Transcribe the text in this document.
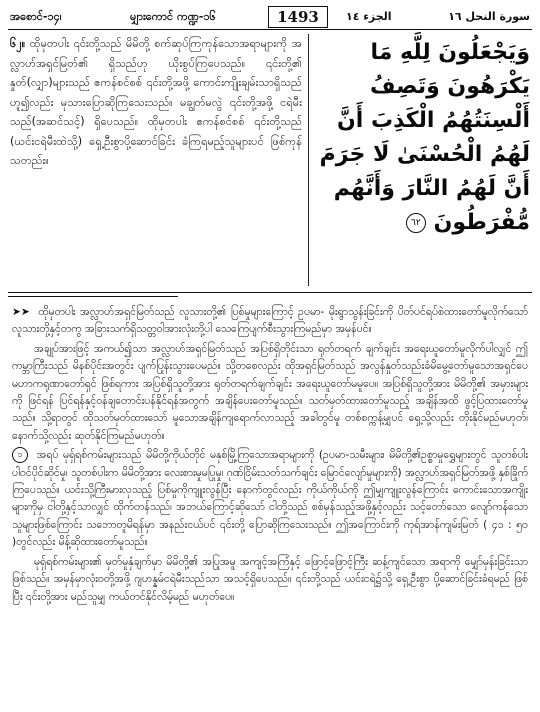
အစောင်-၁၄၊	မျှားကောင် ကဏ္ဍ-၁၆	1493	الجزء ١٤	سورة النحل ١٦

၆၂။ ထိုမှတပါး ၎င်းတို့သည် မိမိတို့ စက်ဆုပ်ကြကုန်သောအရာများကို အလ္လာဟ်အရှင်မြတ်၏ ရှိသည်ဟု ယိုးစွပ်ကြပေသည်။ ၎င်းတို့၏ နှုတ်(လျှာ)များသည် ဧကန်စင်စစ် ၎င်းတို့အဖို့ ကောင်းကျိုးချမ်းသာရှိသည်ဟူ၍လည်း မုသားပြောဆိုကြသေးသည်။ မချွတ်မလွဲ ၎င်းတို့အဖို့ ငရဲမီးသည်(အဆင်သင့်) ရှိပေသည်။ ထိုမှတပါး ဧကန်စင်စစ် ၎င်းတို့သည် (ယင်းငရဲမီးထဲသို့) ရှေ့ဦးစွာပို့ဆောင်ခြင်း ခံကြရမည့်သူများပင် ဖြစ်ကုန်သတည်း။

وَيَجْعَلُونَ لِلَّهِ مَا يَكْرَهُونَ وَتَصِفُ أَلْسِنَتُهُمُ الْكَذِبَ أَنَّ لَهُمُ الْحُسْنَىٰ لَا جَرَمَ أَنَّ لَهُمُ النَّارَ وَأَنَّهُم مُّفْرَطُونَ ٦٢

➤➤ ထိုမှတပါး အလ္လာဟ်အရှင်မြတ်သည် လူသားတို့၏ ပြစ်မှုများကြောင့် ဥပမာ- မိုးရွာသွန်းခြင်းကို ပိတ်ပင်ရပ်စဲထားတော်မူလိုက်သော် လူသားတို့နှင့်တကွ အခြားသက်ရှိသတ္တဝါအားလုံးတို့ပါ သေကြေပျက်စီးသွားကြမည်မှာ အမှန်ပင်။

အချုပ်အားဖြင့် အကယ်၍သာ အလ္လာဟ်အရှင်မြတ်သည် အပြစ်ရှိတိုင်းသာ ရုတ်တရက် ချက်ချင်း အရေးယူတော်မူလိုက်ပါလျှင် ဤကမ္ဘာကြီးသည် မိနစ်ပိုင်းအတွင်း ပျက်ပြုန်းသွားပေမည်။ သို့တစေလည်း ထိုအရှင်မြတ်သည် အလွန်နှုတ်သည်းခံမိမွေ့တော်မူသောအရှင်ပေ မဟာကရုဏာတော်ရှင် ဖြစ်ရကား အပြစ်ရှိသူတို့အား ရုတ်တရက်ချက်ချင်း အရေးယူတော်မမူပေ။ အပြစ်ရှိသူတို့အား မိမိတို့၏ အမှားများကို ဖြင်ရန် ပြင်ရန်နှင့်ဝန်ချတောင်းပန်နိုင်ရန်အတွက် အချိန်ပေးတော်မူသည်။ သတ်မှတ်ထားတော်မူသည့် အချိန်အထိ ဖွင့်ပြထားတော်မူသည်။ သို့ရာတွင် ထိုသတ်မှတ်ထားသော် မူသောအချိန်ကျရောက်လာသည့် အခါတွင်မူ တစ်စက္ကန့်မျှပင် ရှေ့သို့လည်း တိုးနိုင်မည်မဟုတ်၊ နောက်သို့လည်း ဆုတ်နိုင်ကြမည်မဟုတ်။

၁ အရပ် မုရှ်ရစ်ကမ်းများသည် မိမိတို့ကိုယ်တိုင် မနှစ်မြို့ကြသောအရာများကို (ဥပမာ-သမီးများ၊ မိမိတို့၏ဥစ္စာမှုရွှေများတွင် သူတစ်ပါးပါဝင်ပိုင်ဆိုင်မှု၊ သူတစ်ပါးက မိမိတို့အား လေးစားမှုမပြုမှု၊ ဂုဏ်ငြိမ်းသတ်သက်ချင်း မြောင်လျော်မှုများကို) အလ္လာဟ်အရှင်မြတ်အဖို့ နှစ်ခြိုက်ကြပေသည်။ ယင်းသို့ကြီးမားလှသည့် ပြစ်မှုကိုကျူးလွန်ပြီး နောက်တွင်လည်း ကိုယ်ကိုယ်ကို ဤမျှကျူးလွန်ကြောင်း ကောင်းသောအကျိုးများကိုမှ ငါတို့နှင့်သာလျှင် ထိုက်တန်သည်၊ အဘယ်ကြောင့်ဆိုသော် ငါတို့သည် စစ်မှန်သည့်အဖို့နှင့်လည်း သင့်တော်သော လျော်ကန်သောသူများဖြစ်ကြောင်း သဘောတူမိရန်မှာ အနည်းငယ်ပင် ၎င်းတို့ ပြောဆိုကြသေးသည်။ ဤအကြောင်းကို ကုရ်အာန်ကျမ်းမြတ် ( ၄၁ : ၅၀ )တွင်လည်း မိန့်ဆိုထားတော်မူသည်။

မုရှ်ရစ်ကမ်းများ၏ မှတ်မှုနှံချက်မှာ မိမိတို့၏ အပြုအမူ အကျင့်အကြံနှင့် ဖြောင့်ဖြောင့်ကြီး ဆန့်ကျင်သော အရာကို မျှော်မှန်းခြင်းသာဖြစ်သည်။ အမှန်မှာလုံးဝတို့အဖို့ ဂျဟန္နမ်ငရဲမီးသည်သာ အသင့်ရှိပေသည်။ ၎င်းတို့သည် ယင်းငရဲ၌သို့ ရှေ့ဦးစွာ ပို့ဆောင်ခြင်းခံရမည် ဖြစ်ပြီး ၎င်းတို့အား မည်သူမျှ ကယ်တင်နိုင်လိမ့်မည် မဟုတ်ပေ။
